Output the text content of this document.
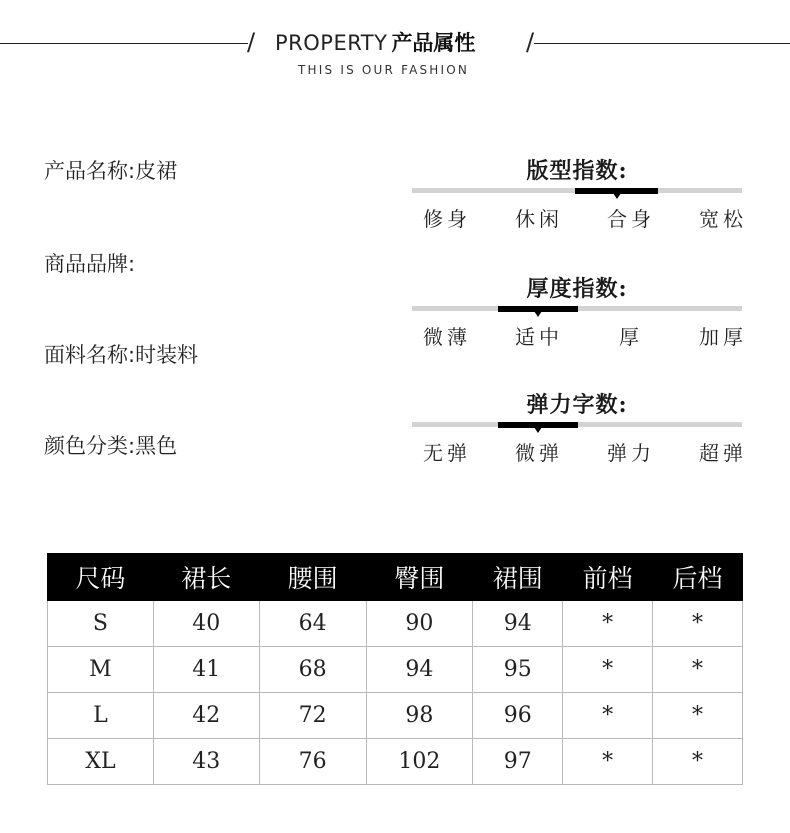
/ PROPERTY 产品属性	/
THIS IS OUR FASHION
产品名称:皮裙
商品品牌:
面料名称:时装料
颜色分类:黑色
版型指数:
修身	休闲	合身	宽松
厚度指数:
微薄	适中	厚	加厚
弹力字数:
无弹	微弹	弹力	超弹
尺码	裙长	腰围	臀围	裙围	前档	后档
S	40	64	90	94	*	*
M	41	68	94	95	*	*
L	42	72	98	96	*	*
XL	43	76	102	97	*	*
